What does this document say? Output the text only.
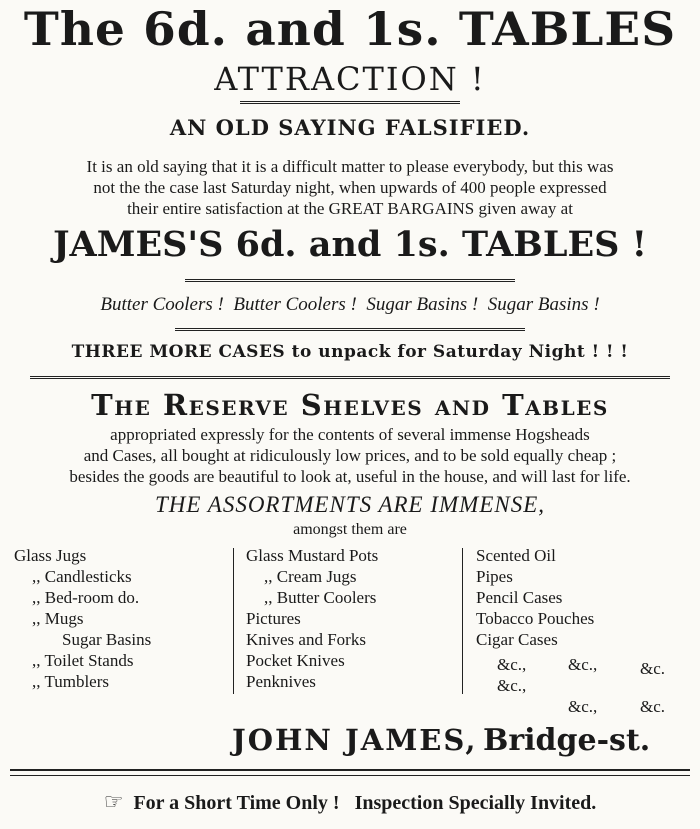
The 6d. and 1s. TABLES
ATTRACTION !
AN OLD SAYING FALSIFIED.
It is an old saying that it is a difficult matter to please everybody, but this was
not the the case last Saturday night, when upwards of 400 people expressed
their entire satisfaction at the GREAT BARGAINS given away at
JAMES'S 6d. and 1s. TABLES !
Butter Coolers ! Butter Coolers ! Sugar Basins ! Sugar Basins !
THREE MORE CASES to unpack for Saturday Night ! ! !
The Reserve Shelves and Tables
appropriated expressly for the contents of several immense Hogsheads
and Cases, all bought at ridiculously low prices, and to be sold equally cheap ;
besides the goods are beautiful to look at, useful in the house, and will last for life.
THE ASSORTMENTS ARE IMMENSE,
amongst them are
Glass Jugs
,, Candlesticks
,, Bed-room do.
,, Mugs
Sugar Basins
,, Toilet Stands
,, Tumblers
Glass Mustard Pots
,, Cream Jugs
,, Butter Coolers
Pictures
Knives and Forks
Pocket Knives
Penknives
Scented Oil
Pipes
Pencil Cases
Tobacco Pouches
Cigar Cases
&c., &c.,	&c.
&c.,
&c.,	&c.
JOHN JAMES, Bridge-st.
☞ For a Short Time Only ! Inspection Specially Invited.
